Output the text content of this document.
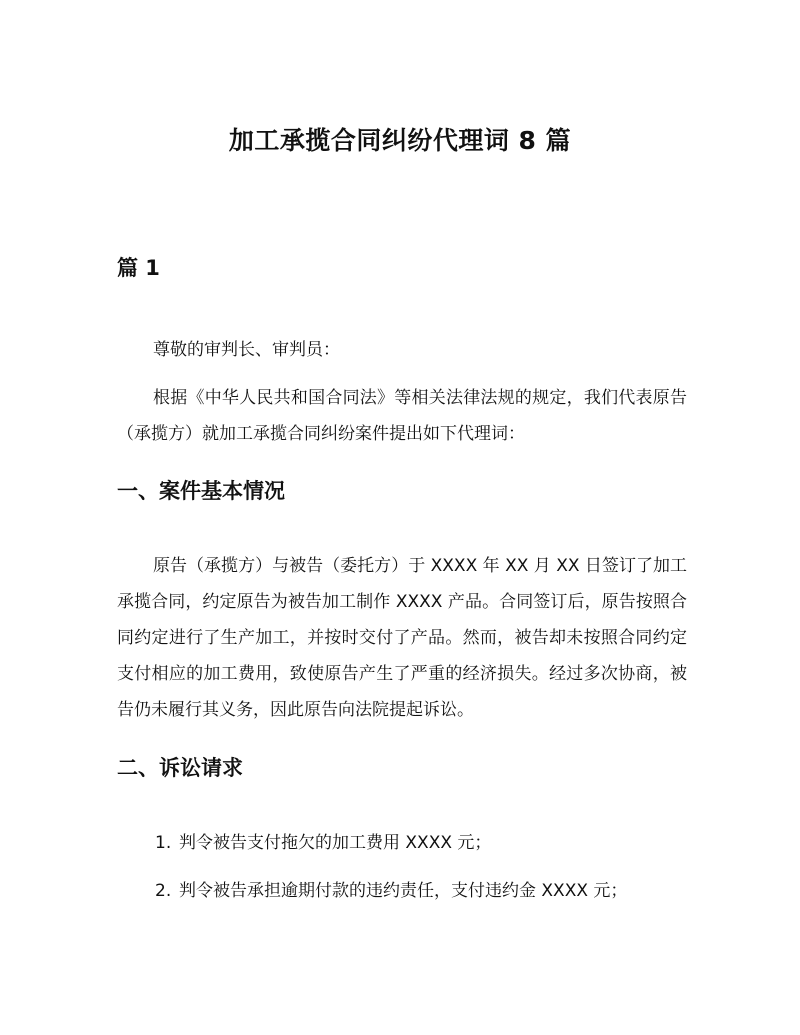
加工承揽合同纠纷代理词 8 篇
篇 1
尊敬的审判长、审判员：

根据《中华人民共和国合同法》等相关法律法规的规定，我们代表原告（承揽方）就加工承揽合同纠纷案件提出如下代理词：

一、案件基本情况

原告（承揽方）与被告（委托方）于 XXXX 年 XX 月 XX 日签订了加工承揽合同，约定原告为被告加工制作 XXXX 产品。合同签订后，原告按照合同约定进行了生产加工，并按时交付了产品。然而，被告却未按照合同约定支付相应的加工费用，致使原告产生了严重的经济损失。经过多次协商，被告仍未履行其义务，因此原告向法院提起诉讼。

二、诉讼请求
1. 判令被告支付拖欠的加工费用 XXXX 元；
2. 判令被告承担逾期付款的违约责任，支付违约金 XXXX 元；
